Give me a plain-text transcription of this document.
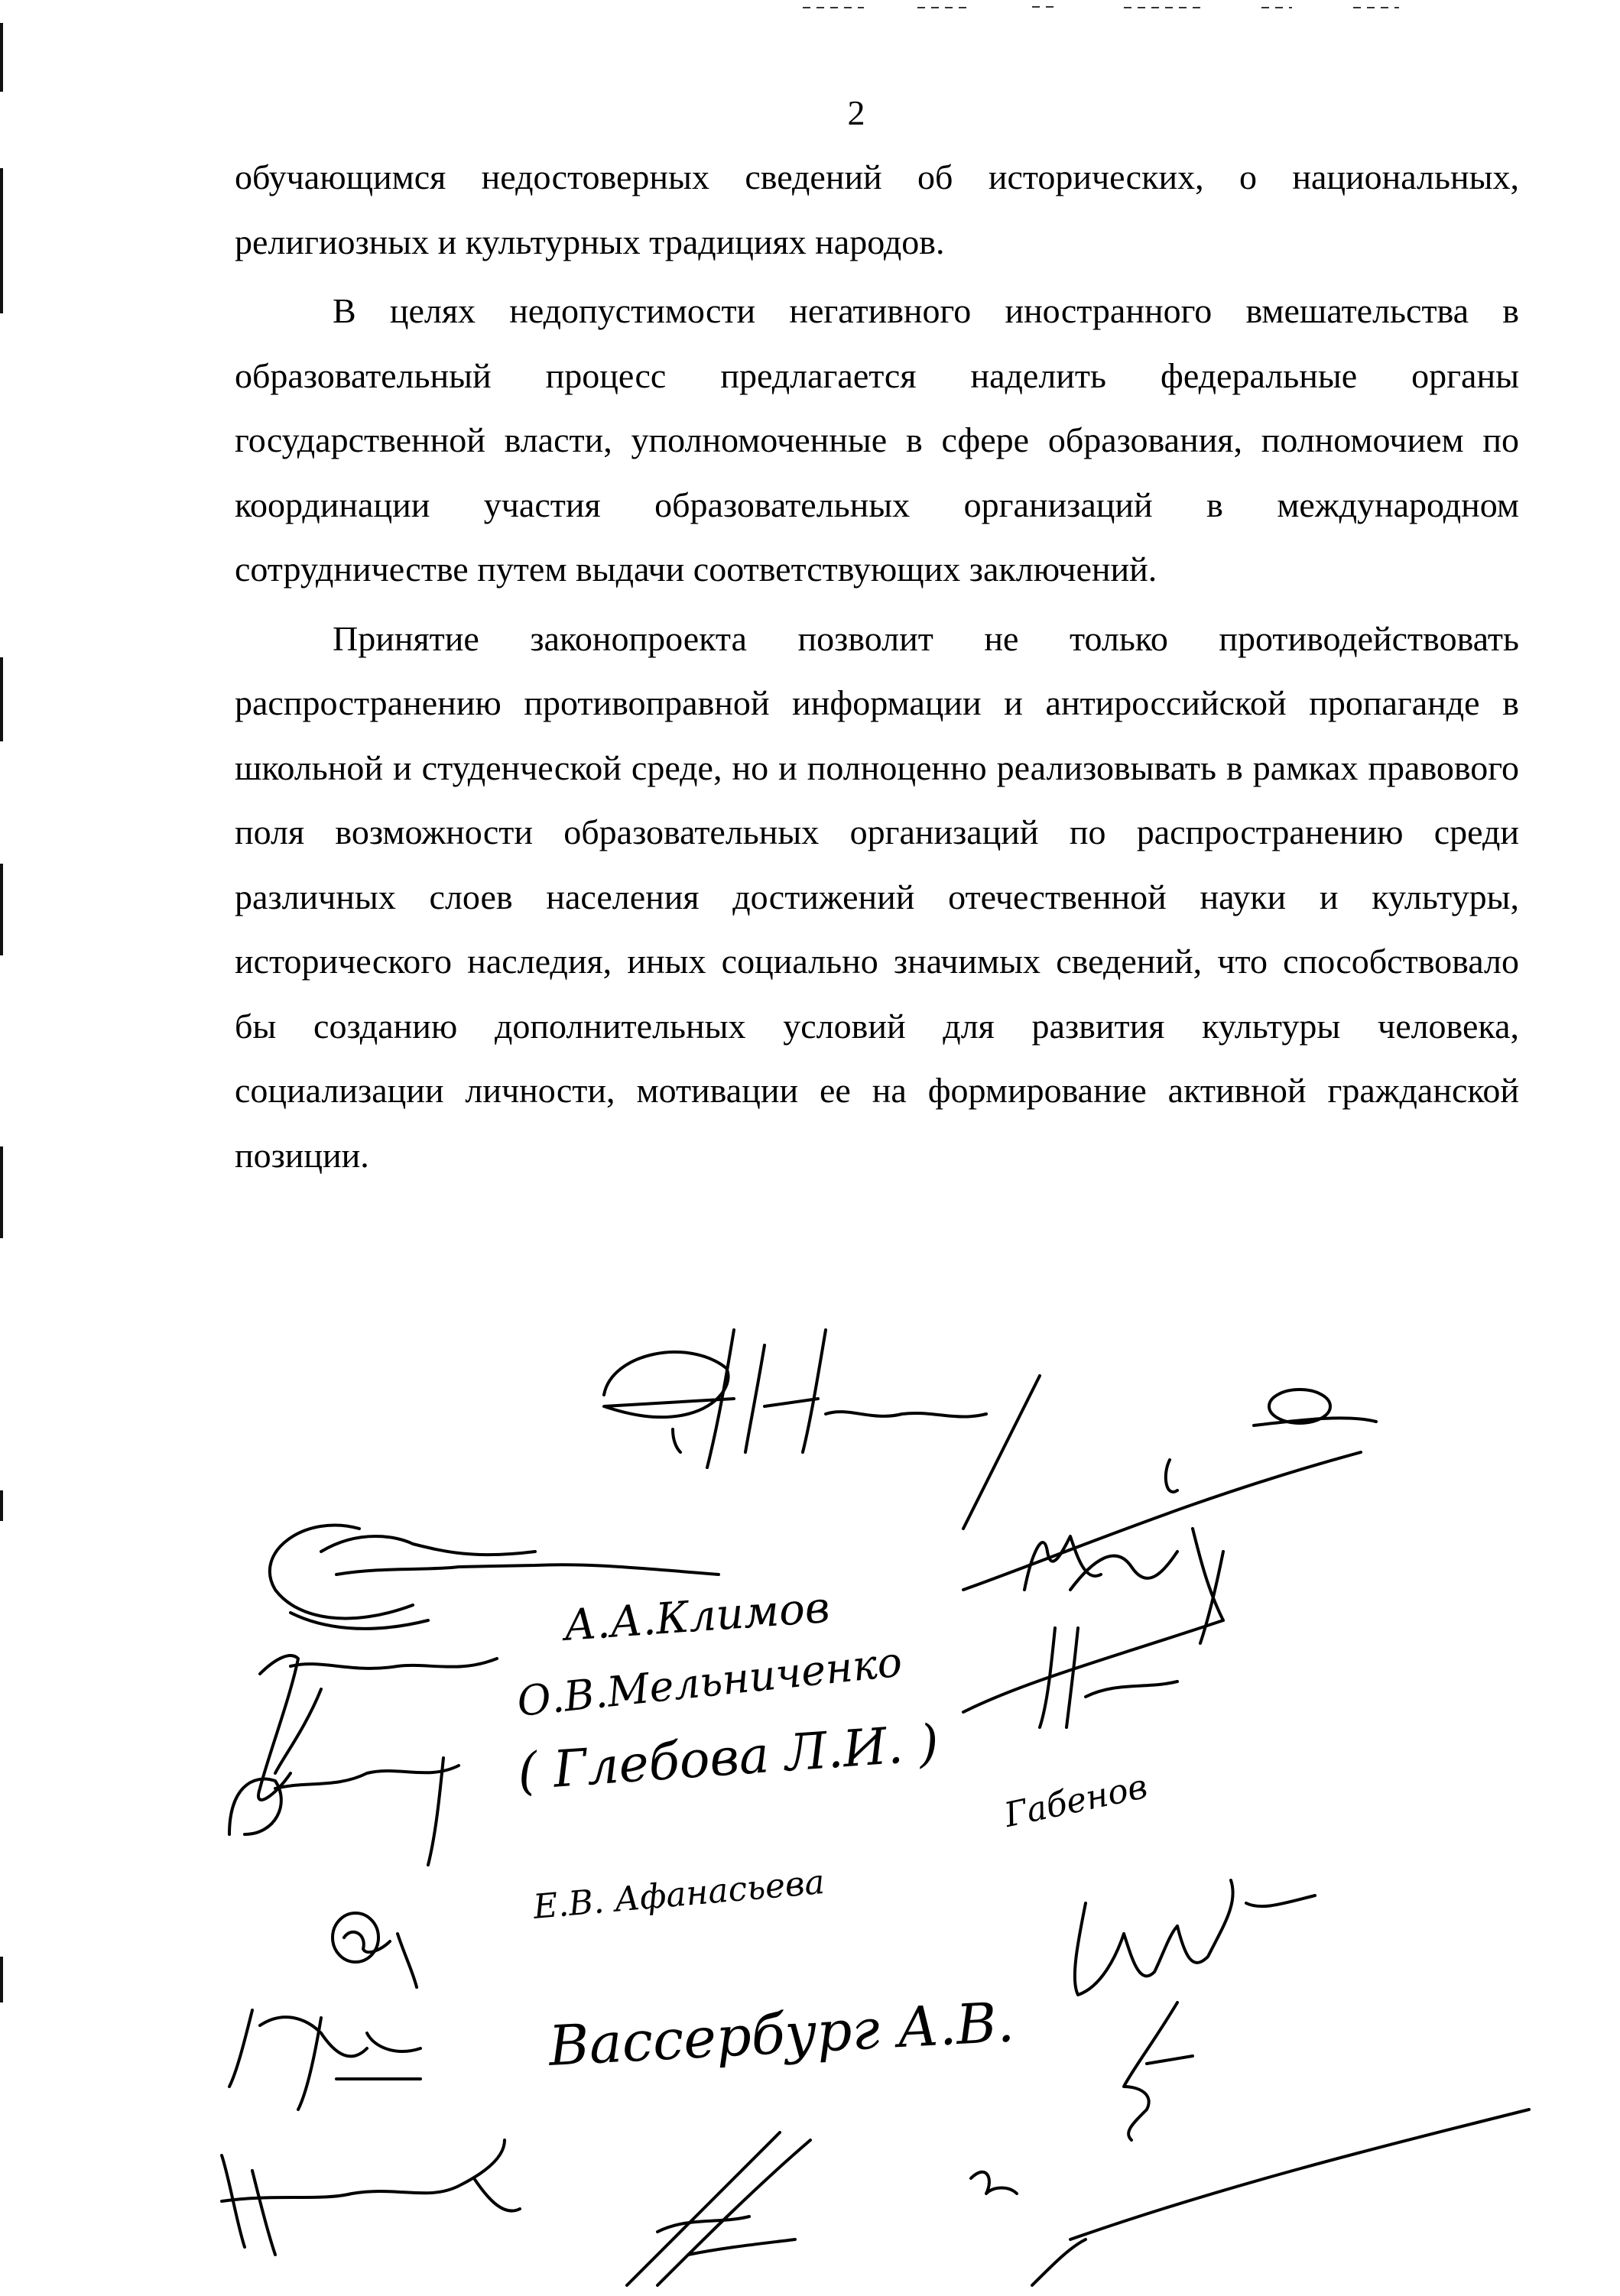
2

обучающимся недостоверных сведений об исторических, о национальных, религиозных и культурных традициях народов.

В целях недопустимости негативного иностранного вмешательства в образовательный процесс предлагается наделить федеральные органы государственной власти, уполномоченные в сфере образования, полномочием по координации участия образовательных организаций в международном сотрудничестве путем выдачи соответствующих заключений.

Принятие законопроекта позволит не только противодействовать распространению противоправной информации и антироссийской пропаганде в школьной и студенческой среде, но и полноценно реализовывать в рамках правового поля возможности образовательных организаций по распространению среди различных слоев населения достижений отечественной науки и культуры, исторического наследия, иных социально значимых сведений, что способствовало бы созданию дополнительных условий для развития культуры человека, социализации личности, мотивации ее на формирование активной гражданской позиции.

А.А.Климов
О.В.Мельниченко
( Глебова Л.И. ) Габенов
Е.В. Афанасьева
Вассербург А.В.
